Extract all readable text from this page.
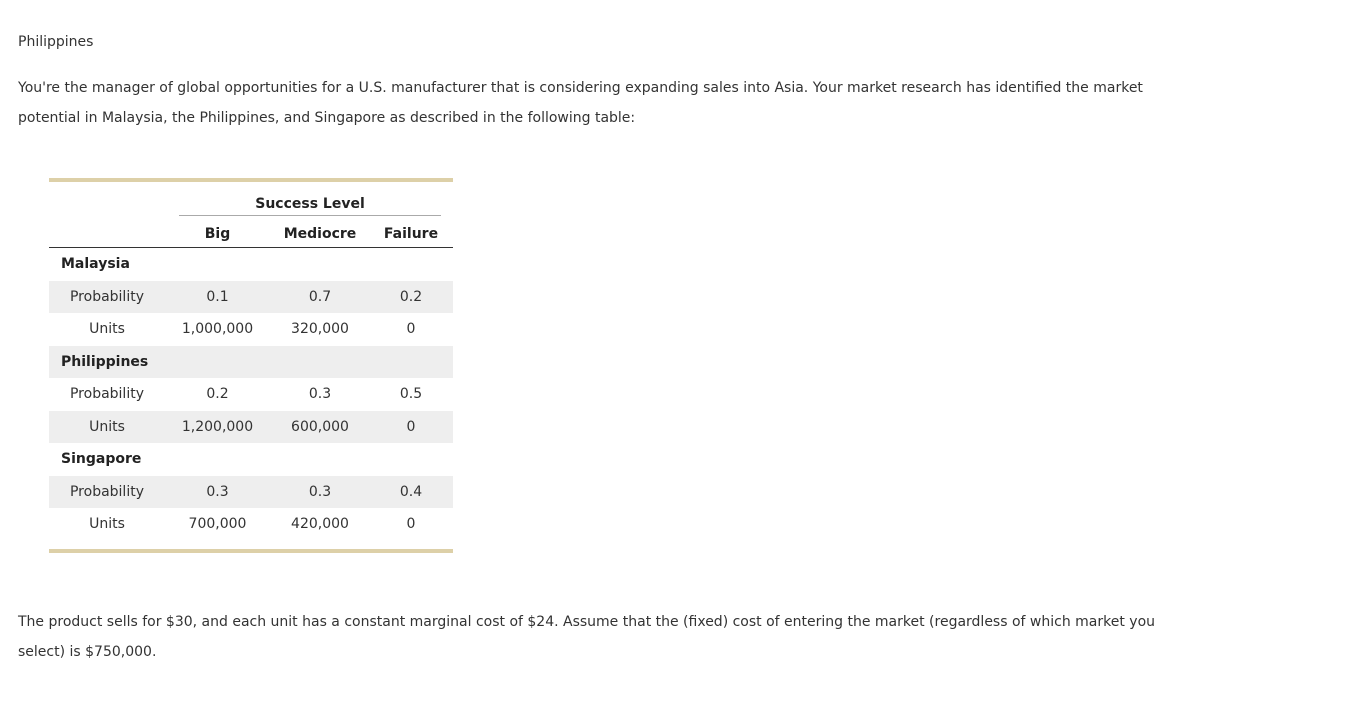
Philippines
You're the manager of global opportunities for a U.S. manufacturer that is considering expanding sales into Asia. Your market research has identified the market potential in Malaysia, the Philippines, and Singapore as described in the following table:
Success Level
Big	Mediocre	Failure
Malaysia
Probability	0.1	0.7	0.2
Units	1,000,000	320,000	0
Philippines
Probability	0.2	0.3	0.5
Units	1,200,000	600,000	0
Singapore
Probability	0.3	0.3	0.4
Units	700,000	420,000	0
The product sells for $30, and each unit has a constant marginal cost of $24. Assume that the (fixed) cost of entering the market (regardless of which market you select) is $750,000.
